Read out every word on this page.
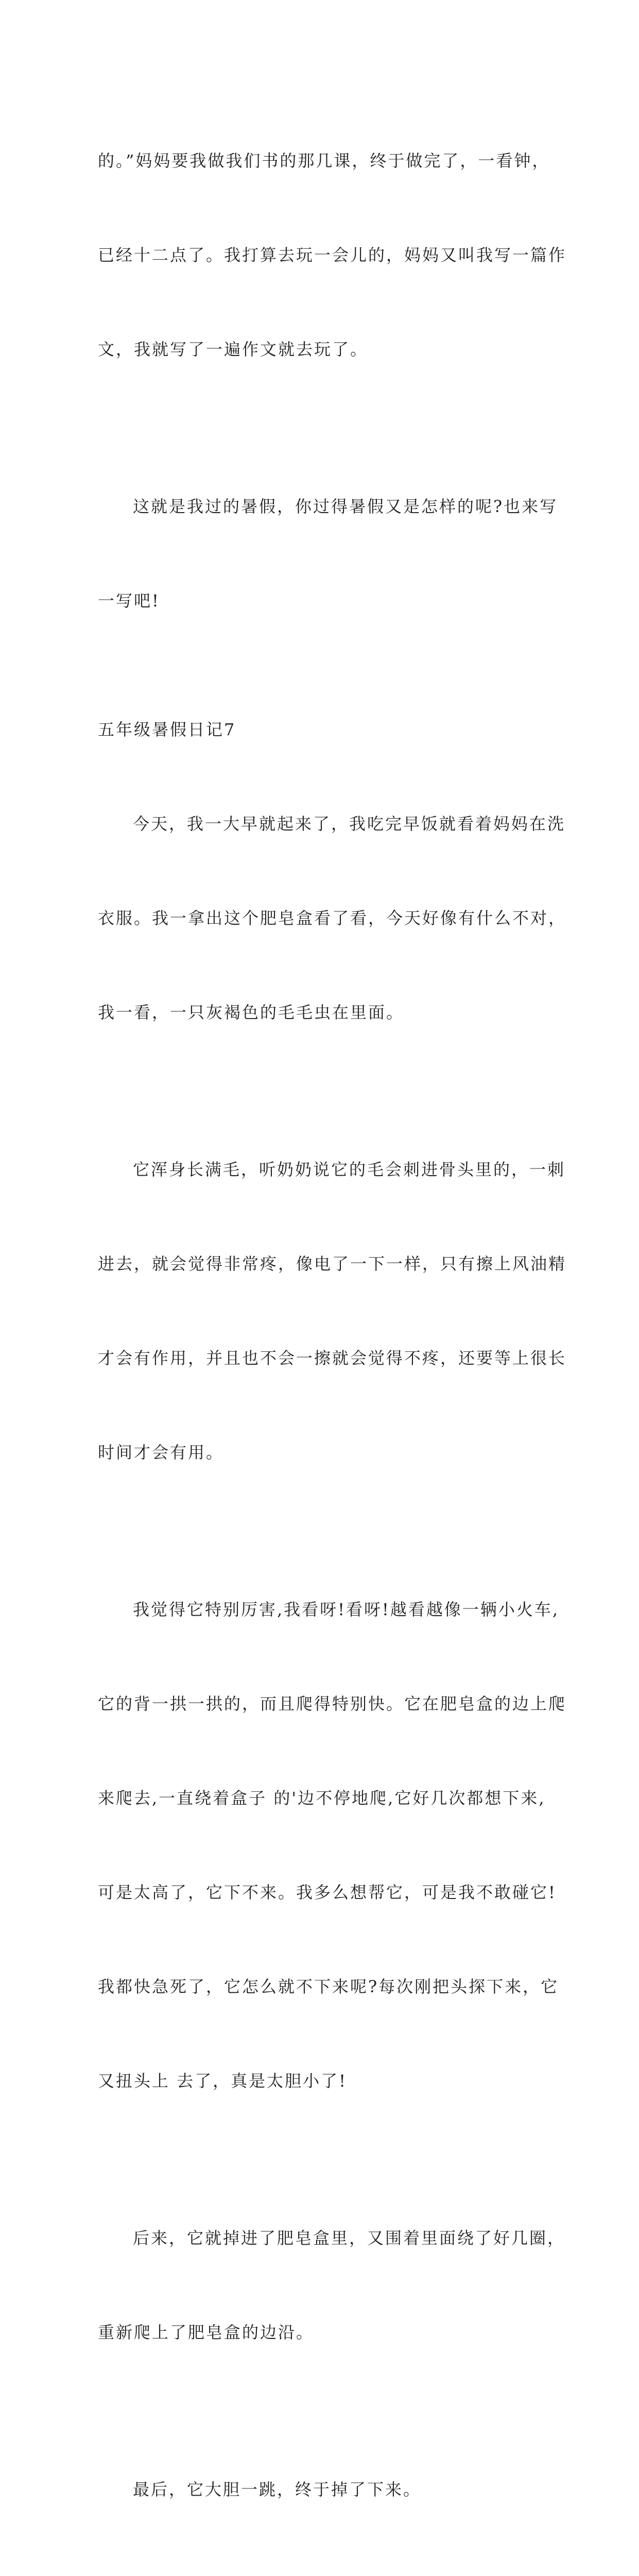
的。”妈妈要我做我们书的那几课，终于做完了，一看钟，

已经十二点了。我打算去玩一会儿的，妈妈又叫我写一篇作

文，我就写了一遍作文就去玩了。

这就是我过的暑假，你过得暑假又是怎样的呢?也来写

一写吧!

五年级暑假日记7

今天，我一大早就起来了，我吃完早饭就看着妈妈在洗

衣服。我一拿出这个肥皂盒看了看，今天好像有什么不对，

我一看，一只灰褐色的毛毛虫在里面。

它浑身长满毛，听奶奶说它的毛会刺进骨头里的，一刺

进去，就会觉得非常疼，像电了一下一样，只有擦上风油精

才会有作用，并且也不会一擦就会觉得不疼，还要等上很长

时间才会有用。

我觉得它特别厉害,我看呀!看呀!越看越像一辆小火车,

它的背一拱一拱的，而且爬得特别快。它在肥皂盒的边上爬

来爬去,一直绕着盒子 的'边不停地爬,它好几次都想下来,

可是太高了，它下不来。我多么想帮它，可是我不敢碰它!

我都快急死了，它怎么就不下来呢?每次刚把头探下来，它

又扭头上 去了，真是太胆小了!

后来，它就掉进了肥皂盒里，又围着里面绕了好几圈，

重新爬上了肥皂盒的边沿。

最后，它大胆一跳，终于掉了下来。
